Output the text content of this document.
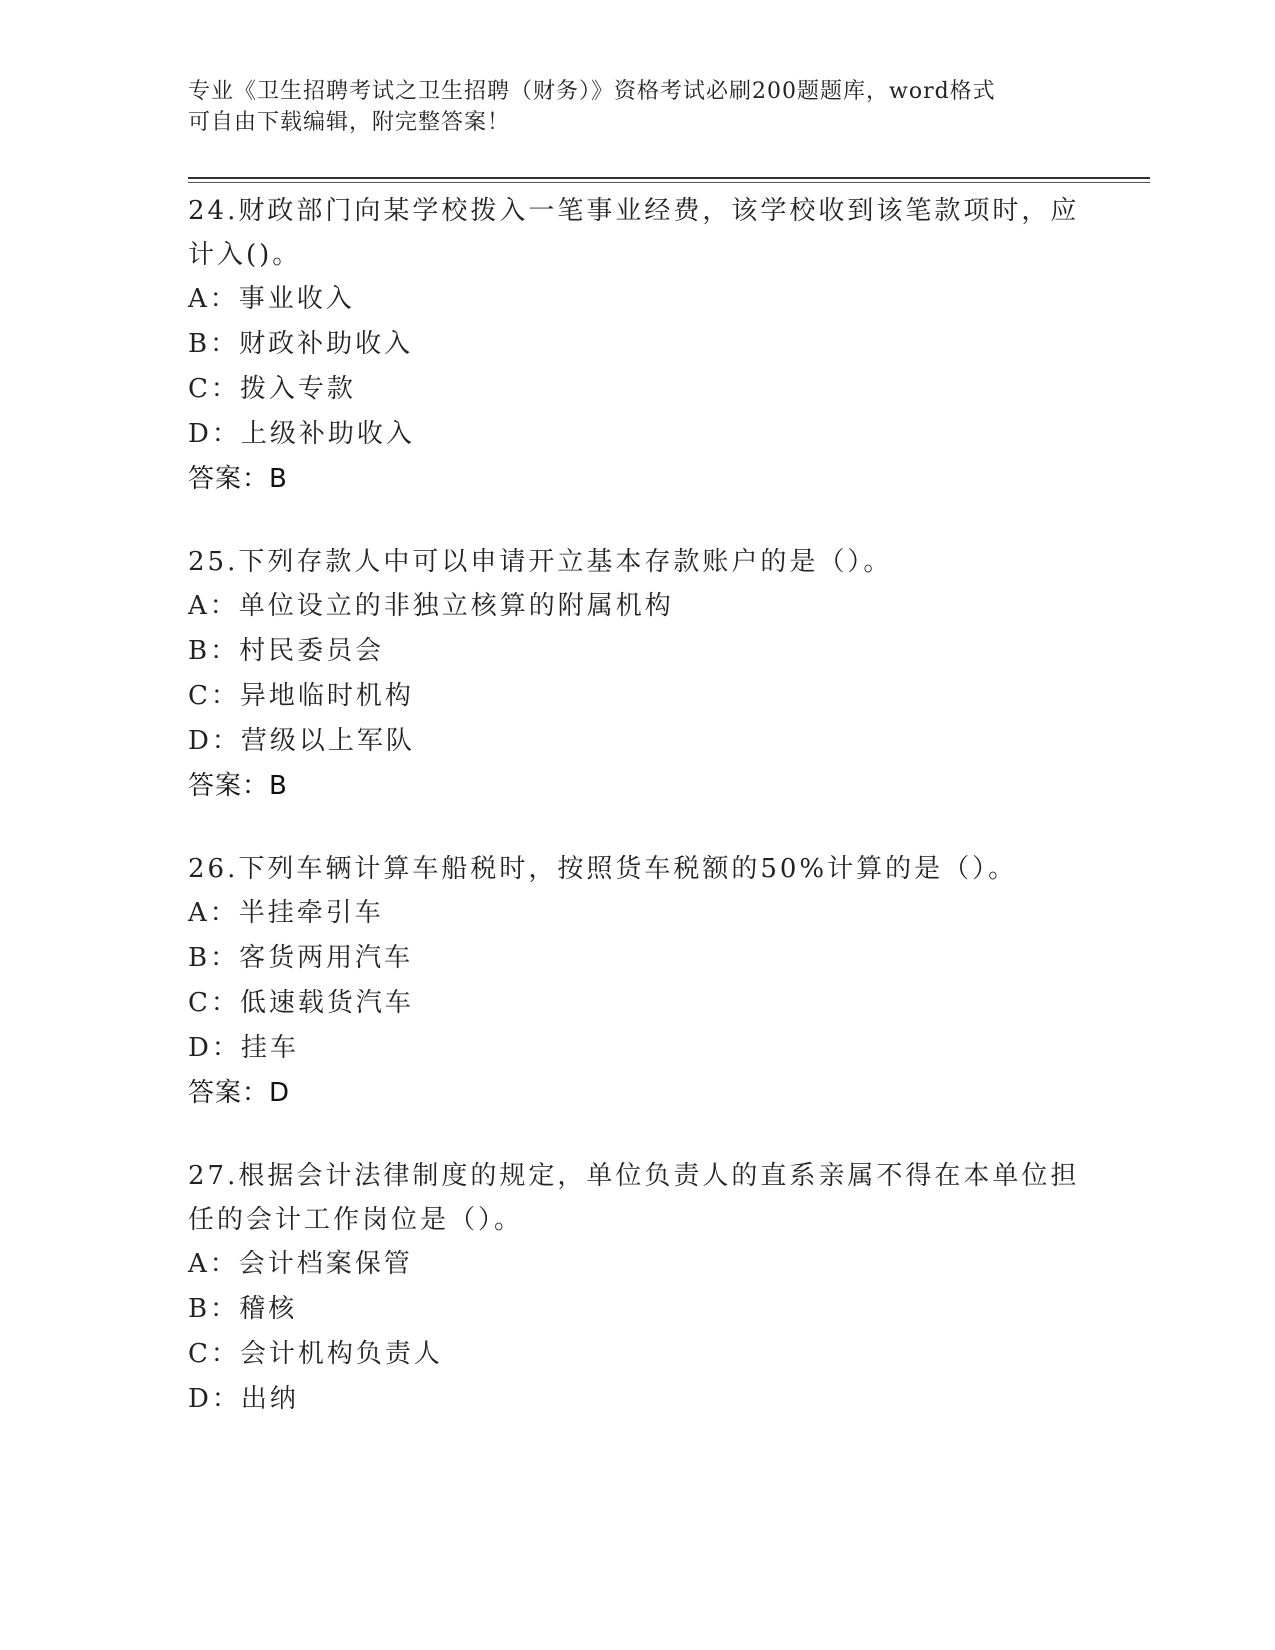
专业《卫生招聘考试之卫生招聘（财务）》资格考试必刷200题题库，word格式
可自由下载编辑，附完整答案！
24.财政部门向某学校拨入一笔事业经费，该学校收到该笔款项时，应计入()。
A：事业收入
B：财政补助收入
C：拨入专款
D：上级补助收入
答案：B
25.下列存款人中可以申请开立基本存款账户的是（）。
A：单位设立的非独立核算的附属机构
B：村民委员会
C：异地临时机构
D：营级以上军队
答案：B
26.下列车辆计算车船税时，按照货车税额的50%计算的是（）。
A：半挂牵引车
B：客货两用汽车
C：低速载货汽车
D：挂车
答案：D
27.根据会计法律制度的规定，单位负责人的直系亲属不得在本单位担任的会计工作岗位是（）。
A：会计档案保管
B：稽核
C：会计机构负责人
D：出纳
